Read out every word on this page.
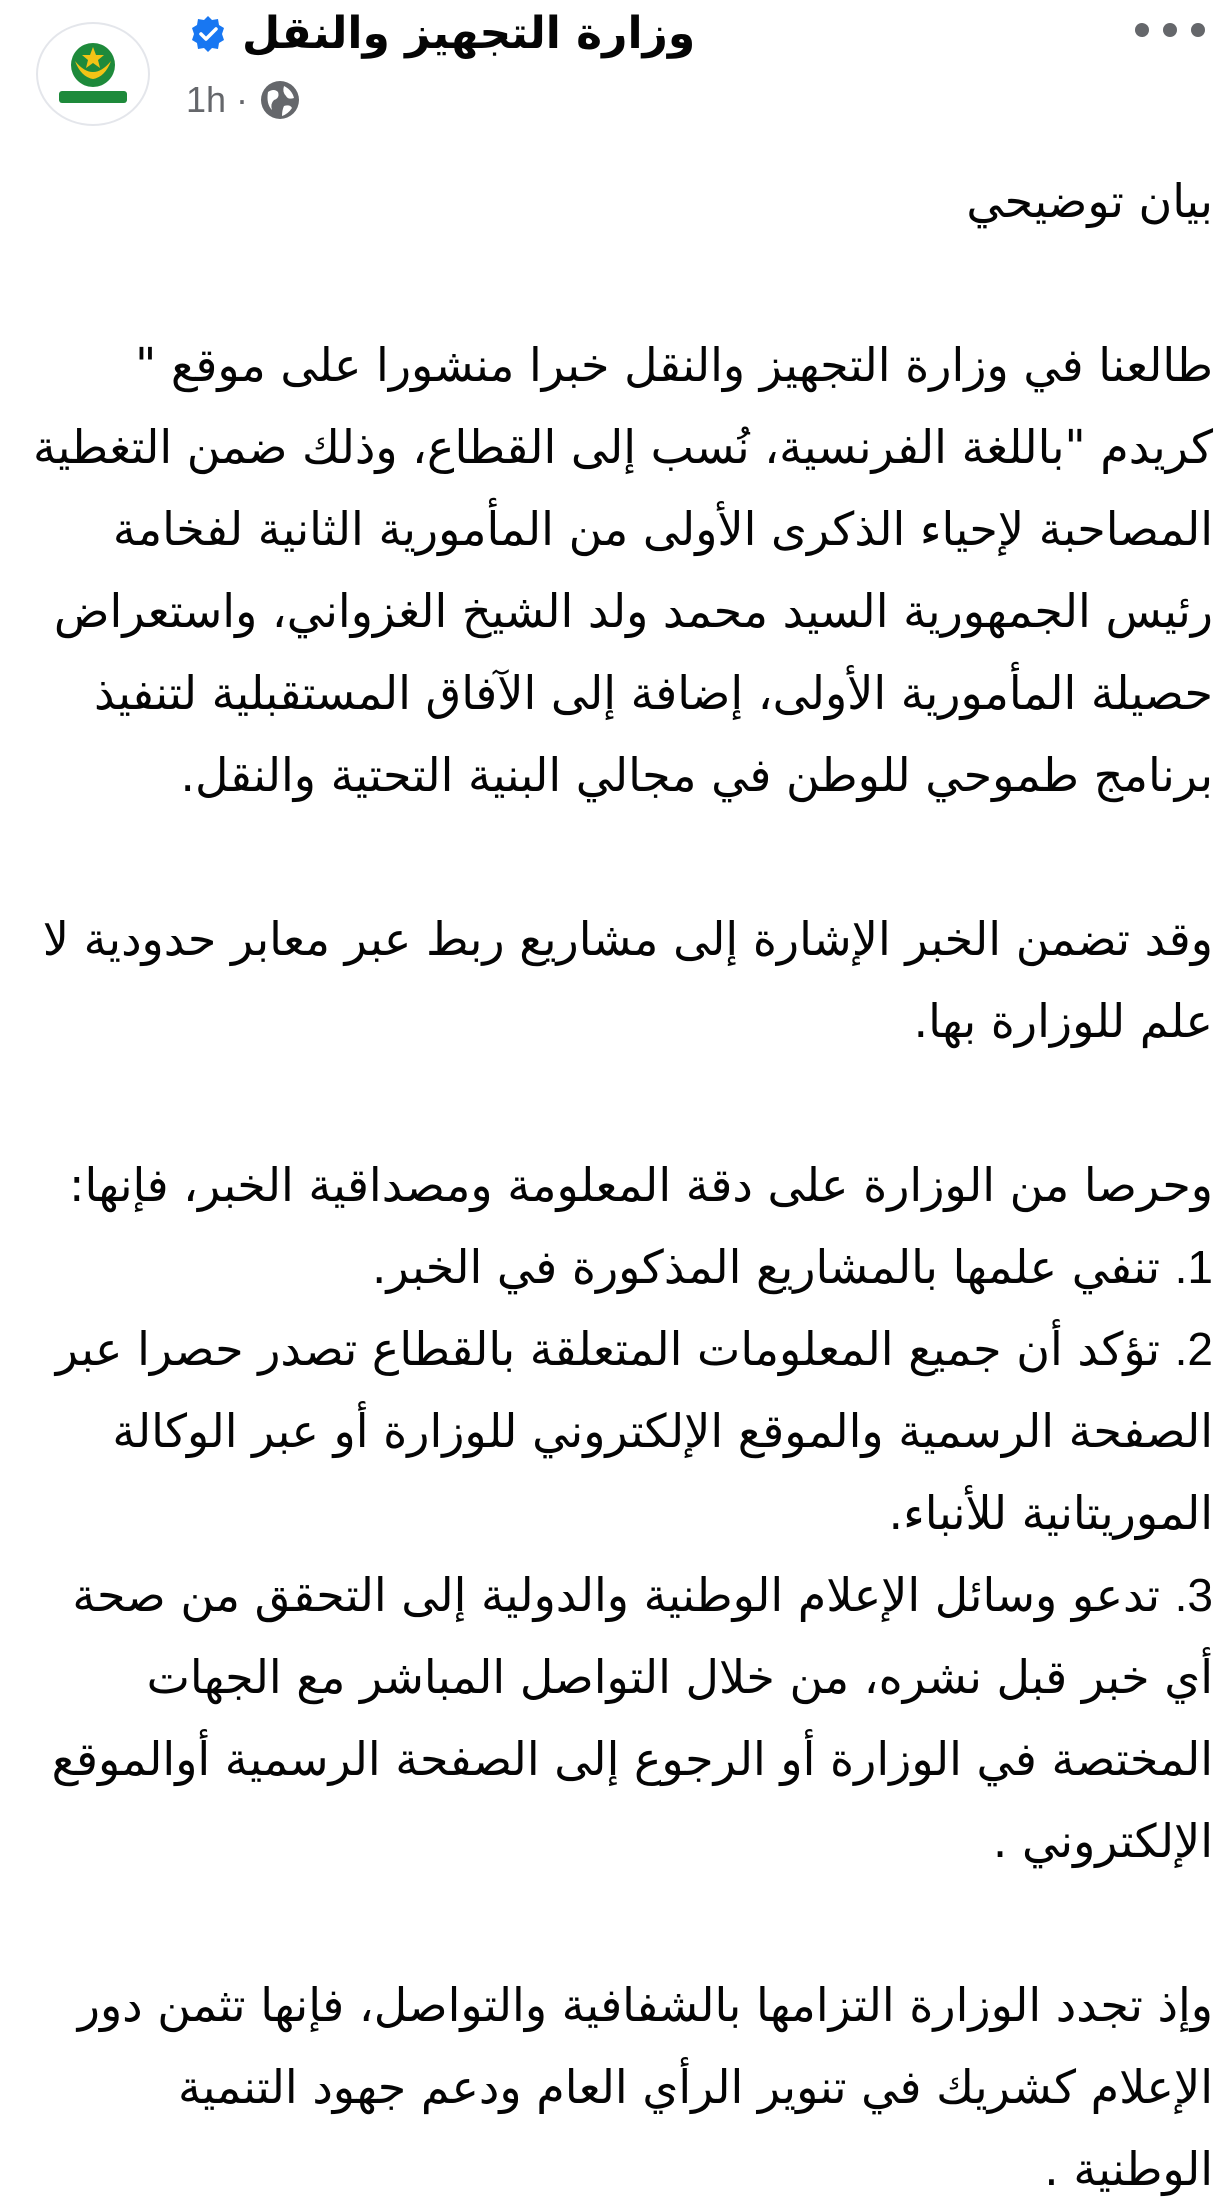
وزارة التجهيز والنقل
1h ·

بيان توضيحي

طالعنا في وزارة التجهيز والنقل خبرا منشورا على موقع " كريدم "باللغة الفرنسية، نُسب إلى القطاع، وذلك ضمن التغطية المصاحبة لإحياء الذكرى الأولى من المأمورية الثانية لفخامة رئيس الجمهورية السيد محمد ولد الشيخ الغزواني، واستعراض حصيلة المأمورية الأولى، إضافة إلى الآفاق المستقبلية لتنفيذ برنامج طموحي للوطن في مجالي البنية التحتية والنقل.

وقد تضمن الخبر الإشارة إلى مشاريع ربط عبر معابر حدودية لا علم للوزارة بها.

وحرصا من الوزارة على دقة المعلومة ومصداقية الخبر، فإنها:

1. تنفي علمها بالمشاريع المذكورة في الخبر.

2. تؤكد أن جميع المعلومات المتعلقة بالقطاع تصدر حصرا عبر الصفحة الرسمية والموقع الإلكتروني للوزارة أو عبر الوكالة الموريتانية للأنباء.

3. تدعو وسائل الإعلام الوطنية والدولية إلى التحقق من صحة أي خبر قبل نشره، من خلال التواصل المباشر مع الجهات المختصة في الوزارة أو الرجوع إلى الصفحة الرسمية أوالموقع الإلكتروني .

وإذ تجدد الوزارة التزامها بالشفافية والتواصل، فإنها تثمن دور الإعلام كشريك في تنوير الرأي العام ودعم جهود التنمية الوطنية .
